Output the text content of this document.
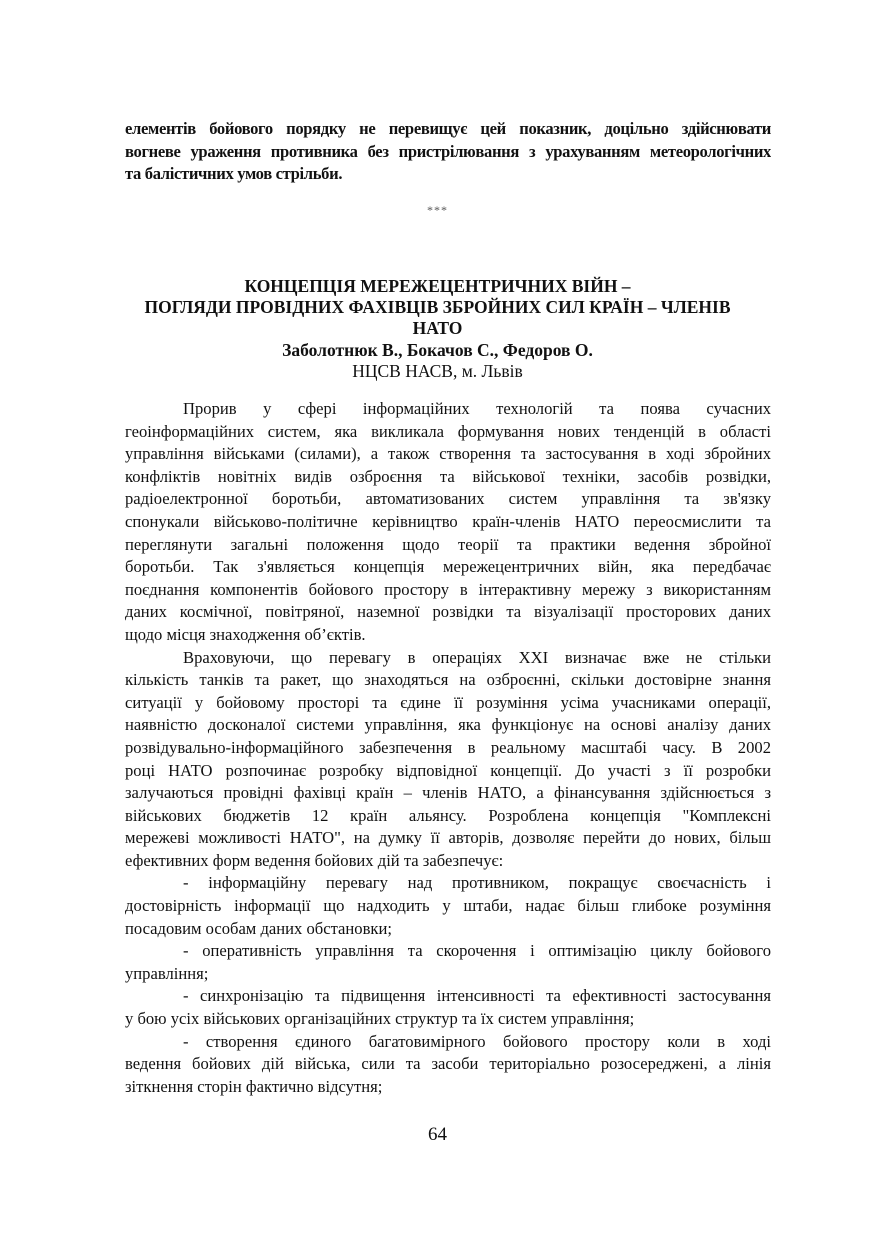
елементів бойового порядку не перевищує цей показник, доцільно здійснювати
вогневе ураження противника без пристрілювання з урахуванням метеорологічних
та балістичних умов стрільби.
***
КОНЦЕПЦІЯ МЕРЕЖЕЦЕНТРИЧНИХ ВІЙН –
ПОГЛЯДИ ПРОВІДНИХ ФАХІВЦІВ ЗБРОЙНИХ СИЛ КРАЇН – ЧЛЕНІВ
НАТО
Заболотнюк В., Бокачов С., Федоров О.
НЦСВ НАСВ, м. Львів
Прорив у сфері інформаційних технологій та поява сучасних
геоінформаційних систем, яка викликала формування нових тенденцій в області
управління військами (силами), а також створення та застосування в ході збройних
конфліктів новітніх видів озброєння та військової техніки, засобів розвідки,
радіоелектронної боротьби, автоматизованих систем управління та зв'язку
спонукали військово-політичне керівництво країн-членів НАТО переосмислити та
переглянути загальні положення щодо теорії та практики ведення збройної
боротьби. Так з'являється концепція мережецентричних війн, яка передбачає
поєднання компонентів бойового простору в інтерактивну мережу з використанням
даних космічної, повітряної, наземної розвідки та візуалізації просторових даних
щодо місця знаходження об’єктів.
Враховуючи, що перевагу в операціях XXI визначає вже не стільки
кількість танків та ракет, що знаходяться на озброєнні, скільки достовірне знання
ситуації у бойовому просторі та єдине її розуміння усіма учасниками операції,
наявністю досконалої системи управління, яка функціонує на основі аналізу даних
розвідувально-інформаційного забезпечення в реальному масштабі часу. В 2002
році НАТО розпочинає розробку відповідної концепції. До участі з її розробки
залучаються провідні фахівці країн – членів НАТО, а фінансування здійснюється з
військових бюджетів 12 країн альянсу. Розроблена концепція "Комплексні
мережеві можливості НАТО", на думку її авторів, дозволяє перейти до нових, більш
ефективних форм ведення бойових дій та забезпечує:
- інформаційну перевагу над противником, покращує своєчасність і
достовірність інформації що надходить у штаби, надає більш глибоке розуміння
посадовим особам даних обстановки;
- оперативність управління та скорочення і оптимізацію циклу бойового
управління;
- синхронізацію та підвищення інтенсивності та ефективності застосування
у бою усіх військових організаційних структур та їх систем управління;
- створення єдиного багатовимірного бойового простору коли в ході
ведення бойових дій війська, сили та засоби територіально розосереджені, а лінія
зіткнення сторін фактично відсутня;
64
